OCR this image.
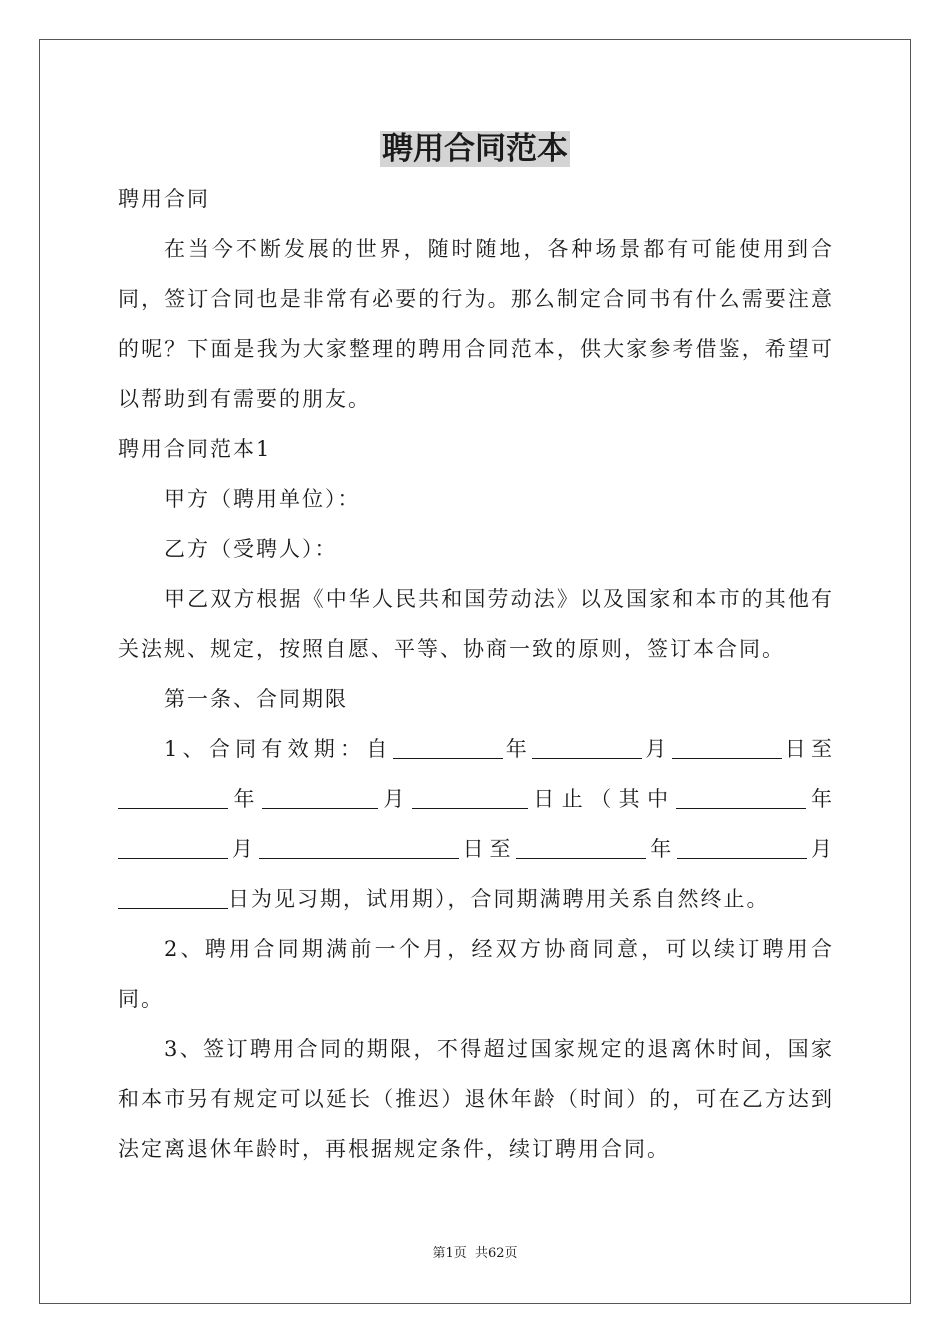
聘用合同范本

聘用合同

在当今不断发展的世界，随时随地，各种场景都有可能使用到合同，签订合同也是非常有必要的行为。那么制定合同书有什么需要注意的呢？下面是我为大家整理的聘用合同范本，供大家参考借鉴，希望可以帮助到有需要的朋友。

聘用合同范本1

甲方（聘用单位）：

乙方（受聘人）：

甲乙双方根据《中华人民共和国劳动法》以及国家和本市的其他有关法规、规定，按照自愿、平等、协商一致的原则，签订本合同。

第一条、合同期限

1、合同有效期：自	年	月	日至年	月	日止（其中	年月	日至	年	月日为见习期，试用期），合同期满聘用关系自然终止。

2、聘用合同期满前一个月，经双方协商同意，可以续订聘用合同。

3、签订聘用合同的期限，不得超过国家规定的退离休时间，国家和本市另有规定可以延长（推迟）退休年龄（时间）的，可在乙方达到法定离退休年龄时，再根据规定条件，续订聘用合同。

第1页 共62页
